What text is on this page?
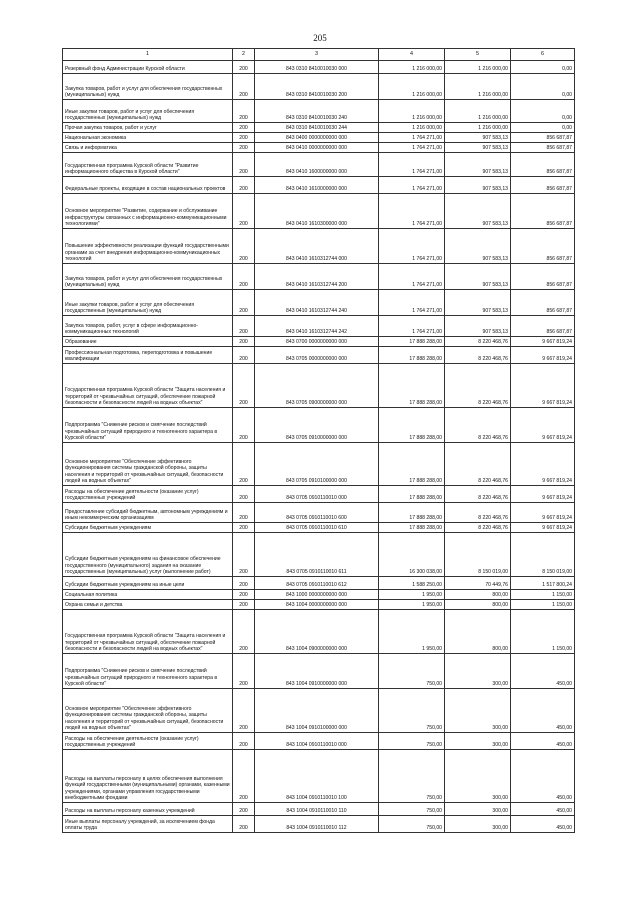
205
1	2	3	4	5	6
Резервный фонд Администрации Курской области	200	843 0310 8410010030 000	1 216 000,00	1 216 000,00	0,00
Закупка товаров, работ и услуг для обеспечения государственных (муниципальных) нужд	200	843 0310 8410010030 200	1 216 000,00	1 216 000,00	0,00
Иные закупки товаров, работ и услуг для обеспечения государственных (муниципальных) нужд	200	843 0310 8410010030 240	1 216 000,00	1 216 000,00	0,00
Прочая закупка товаров, работ и услуг	200	843 0310 8410010030 244	1 216 000,00	1 216 000,00	0,00
Национальная экономика	200	843 0400 0000000000 000	1 764 271,00	907 583,13	856 687,87
Связь и информатика	200	843 0410 0000000000 000	1 764 271,00	907 583,13	856 687,87
Государственная программа Курской области "Развитие информационного общества в Курской области"	200	843 0410 1600000000 000	1 764 271,00	907 583,13	856 687,87
Федеральные проекты, входящие в состав национальных проектов	200	843 0410 1610000000 000	1 764 271,00	907 583,13	856 687,87
Основное мероприятие "Развитие, содержание и обслуживание инфраструктуры связанных с информационно-коммуникационными технологиями"	200	843 0410 1610300000 000	1 764 271,00	907 583,13	856 687,87
Повышение эффективности реализации функций государственными органами за счет внедрения информационно-коммуникационных технологий	200	843 0410 1610312744 000	1 764 271,00	907 583,13	856 687,87
Закупка товаров, работ и услуг для обеспечения государственных (муниципальных) нужд	200	843 0410 1610312744 200	1 764 271,00	907 583,13	856 687,87
Иные закупки товаров, работ и услуг для обеспечения государственных (муниципальных) нужд	200	843 0410 1610312744 240	1 764 271,00	907 583,13	856 687,87
Закупка товаров, работ, услуг в сфере информационно-коммуникационных технологий	200	843 0410 1610312744 242	1 764 271,00	907 583,13	856 687,87
Образование	200	843 0700 0000000000 000	17 888 288,00	8 220 468,76	9 667 819,24
Профессиональная подготовка, переподготовка и повышение квалификации	200	843 0705 0000000000 000	17 888 288,00	8 220 468,76	9 667 819,24
Государственная программа Курской области "Защита населения и территорий от чрезвычайных ситуаций, обеспечение пожарной безопасности и безопасности людей на водных объектах"	200	843 0705 0900000000 000	17 888 288,00	8 220 468,76	9 667 819,24
Подпрограмма "Снижение рисков и смягчение последствий чрезвычайных ситуаций природного и техногенного характера в Курской области"	200	843 0705 0910000000 000	17 888 288,00	8 220 468,76	9 667 819,24
Основное мероприятие "Обеспечение эффективного функционирования системы гражданской обороны, защиты населения и территорий от чрезвычайных ситуаций, безопасности людей на водных объектах"	200	843 0705 0910100000 000	17 888 288,00	8 220 468,76	9 667 819,24
Расходы на обеспечение деятельности (оказание услуг) государственных учреждений	200	843 0705 0910110010 000	17 888 288,00	8 220 468,76	9 667 819,24
Предоставление субсидий бюджетным, автономным учреждениям и иным некоммерческим организациям	200	843 0705 0910110010 600	17 888 288,00	8 220 468,76	9 667 819,24
Субсидии бюджетным учреждениям	200	843 0705 0910110010 610	17 888 288,00	8 220 468,76	9 667 819,24
Субсидии бюджетным учреждениям на финансовое обеспечение государственного (муниципального) задания на оказание государственных (муниципальных) услуг (выполнение работ)	200	843 0705 0910110010 611	16 300 038,00	8 150 019,00	8 150 019,00
Субсидии бюджетным учреждениям на иные цели	200	843 0705 0910110010 612	1 588 250,00	70 449,76	1 517 800,24
Социальная политика	200	843 1000 0000000000 000	1 950,00	800,00	1 150,00
Охрана семьи и детства	200	843 1004 0000000000 000	1 950,00	800,00	1 150,00
Государственная программа Курской области "Защита населения и территорий от чрезвычайных ситуаций, обеспечение пожарной безопасности и безопасности людей на водных объектах"	200	843 1004 0900000000 000	1 950,00	800,00	1 150,00
Подпрограмма "Снижение рисков и смягчение последствий чрезвычайных ситуаций природного и техногенного характера в Курской области"	200	843 1004 0910000000 000	750,00	300,00	450,00
Основное мероприятие "Обеспечение эффективного функционирования системы гражданской обороны, защиты населения и территорий от чрезвычайных ситуаций, безопасности людей на водных объектах"	200	843 1004 0910100000 000	750,00	300,00	450,00
Расходы на обеспечение деятельности (оказание услуг) государственных учреждений	200	843 1004 0910110010 000	750,00	300,00	450,00
Расходы на выплаты персоналу в целях обеспечения выполнения функций государственными (муниципальными) органами, казенными учреждениями, органами управления государственными внебюджетными фондами	200	843 1004 0910110010 100	750,00	300,00	450,00
Расходы на выплаты персоналу казенных учреждений	200	843 1004 0910110010 110	750,00	300,00	450,00
Иные выплаты персоналу учреждений, за исключением фонда оплаты труда	200	843 1004 0910110010 112	750,00	300,00	450,00
